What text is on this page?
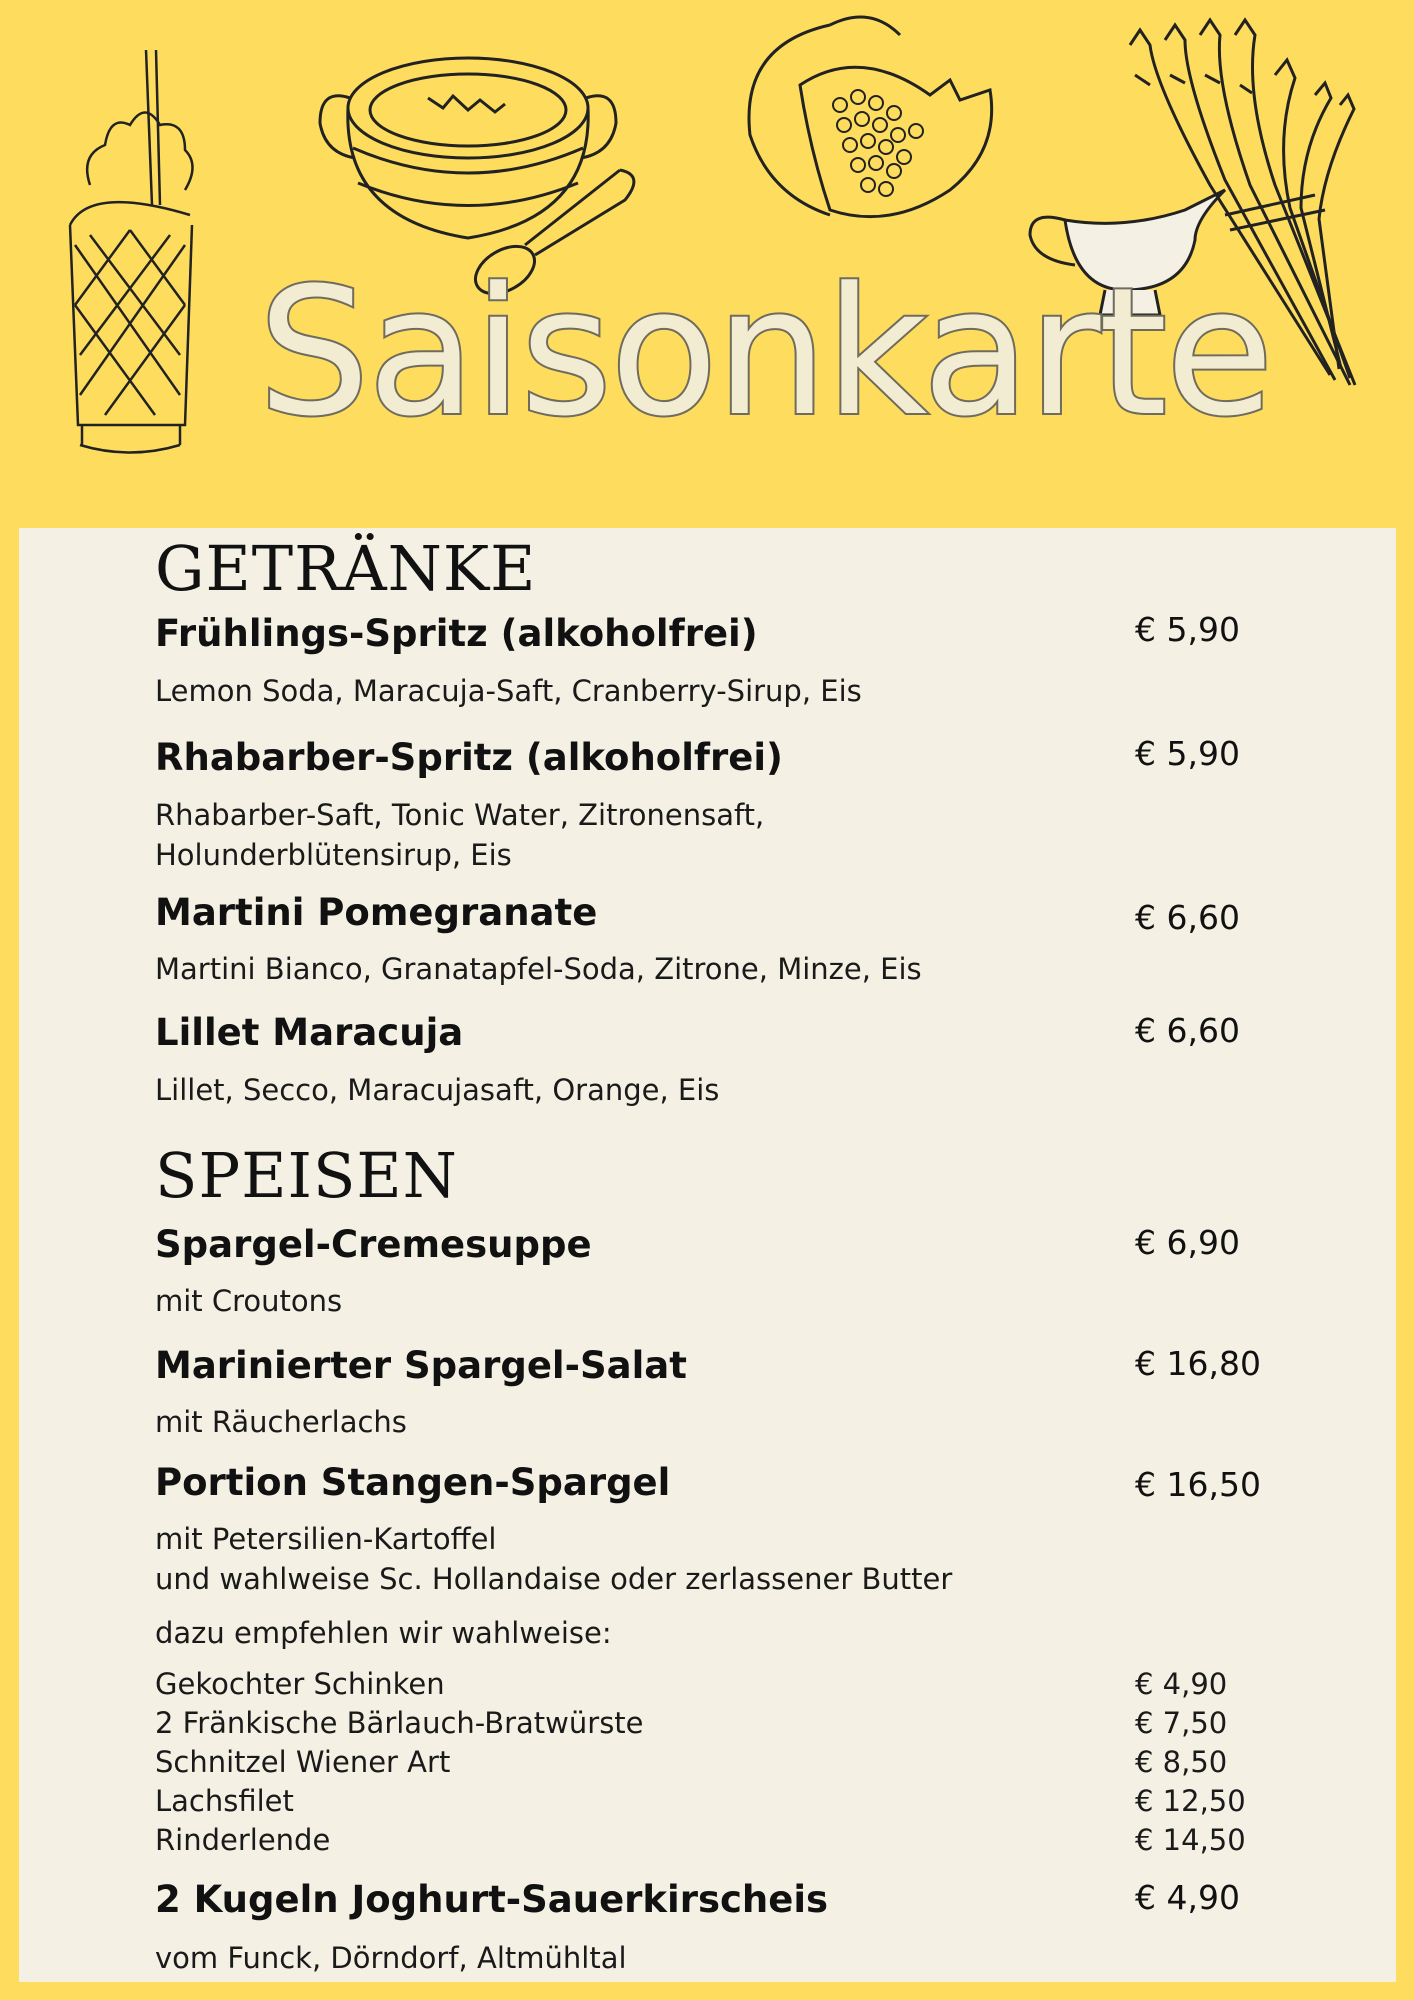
Saisonkarte
GETRÄNKE
Frühlings-Spritz (alkoholfrei)	€ 5,90
Lemon Soda, Maracuja-Saft, Cranberry-Sirup, Eis
Rhabarber-Spritz (alkoholfrei)	€ 5,90
Rhabarber-Saft, Tonic Water, Zitronensaft,
Holunderblütensirup, Eis
Martini Pomegranate	€ 6,60
Martini Bianco, Granatapfel-Soda, Zitrone, Minze, Eis
Lillet Maracuja	€ 6,60
Lillet, Secco, Maracujasaft, Orange, Eis
SPEISEN
Spargel-Cremesuppe	€ 6,90
mit Croutons
Marinierter Spargel-Salat	€ 16,80
mit Räucherlachs
Portion Stangen-Spargel	€ 16,50
mit Petersilien-Kartoffel
und wahlweise Sc. Hollandaise oder zerlassener Butter
dazu empfehlen wir wahlweise:
Gekochter Schinken	€ 4,90
2 Fränkische Bärlauch-Bratwürste	€ 7,50
Schnitzel Wiener Art	€ 8,50
Lachsfilet	€ 12,50
Rinderlende	€ 14,50
2 Kugeln Joghurt-Sauerkirscheis	€ 4,90
vom Funck, Dörndorf, Altmühltal
